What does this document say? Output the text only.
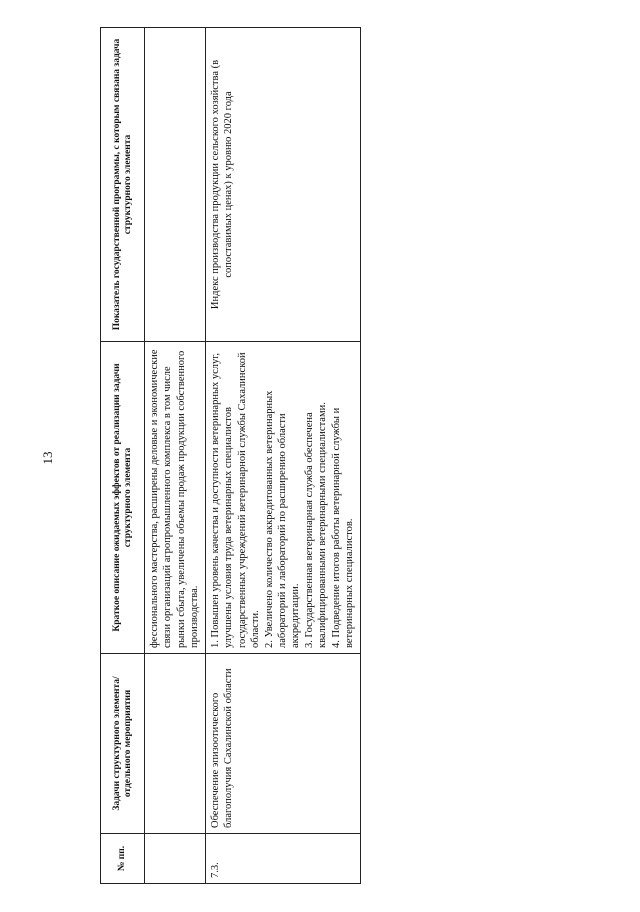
13
№ пп.	Задачи структурного элемента/отдельного мероприятия	Краткое описание ожидаемых эффектов от реализации задачи структурного элемента	Показатель государственной программы, с которым связана задача структурного элемента

		фессионального мастерства, расширены деловые и экономические связи организаций агропромышленного комплекса в том числе рынки сбыта, увеличены объемы продаж продукции собственного производства.	

7.3.	Обеспечение эпизоотического благополучия Сахалинской области	1. Повышен уровень качества и доступности ветеринарных услуг, улучшены условия труда ветеринарных специалистов государственных учреждений ветеринарной службы Сахалинской области. 2. Увеличено количество аккредитованных ветеринарных лабораторий и лабораторий по расширению области аккредитации. 3. Государственная ветеринарная служба обеспечена квалифицированными ветеринарными специалистами. 4. Подведение итогов работы ветеринарной службы и ветеринарных специалистов.	Индекс производства продукции сельского хозяйства (в сопоставимых ценах) к уровню 2020 года
